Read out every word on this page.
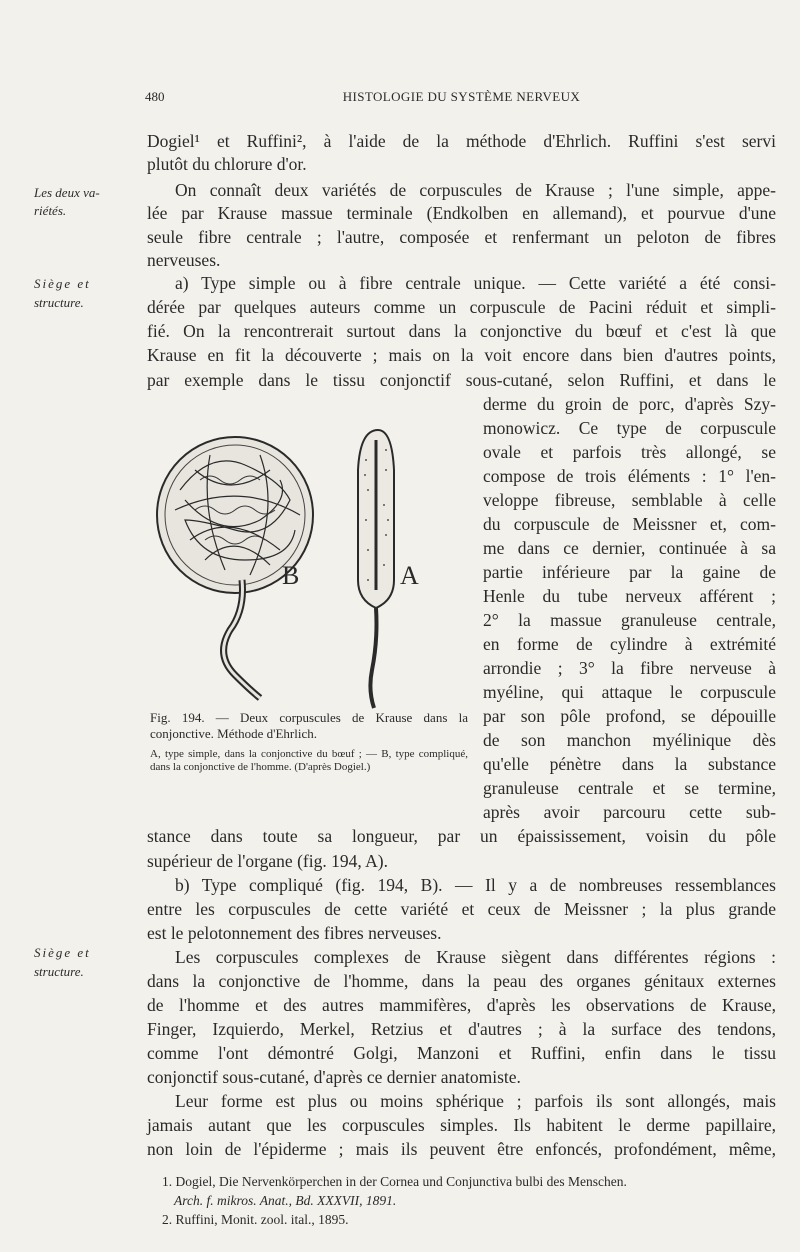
480	HISTOLOGIE DU SYSTÈME NERVEUX
Les deux va-
riétés.
Siège et
structure.
Siège et
structure.
Dogiel¹ et Ruffini², à l'aide de la méthode d'Ehrlich. Ruffini s'est servi
plutôt du chlorure d'or.
On connaît deux variétés de corpuscules de Krause ; l'une simple, appe-
lée par Krause massue terminale (Endkolben en allemand), et pourvue d'une
seule fibre centrale ; l'autre, composée et renfermant un peloton de fibres
nerveuses.
a) Type simple ou à fibre centrale unique. — Cette variété a été consi-
dérée par quelques auteurs comme un corpuscule de Pacini réduit et simpli-
fié. On la rencontrerait surtout dans la conjonctive du bœuf et c'est là que
Krause en fit la découverte ; mais on la voit encore dans bien d'autres points,
par exemple dans le tissu conjonctif sous-cutané, selon Ruffini, et dans le
derme du groin de porc, d'après Szy-
monowicz. Ce type de corpuscule
ovale et parfois très allongé, se
compose de trois éléments : 1° l'en-
veloppe fibreuse, semblable à celle
du corpuscule de Meissner et, com-
me dans ce dernier, continuée à sa
partie inférieure par la gaine de
Henle du tube nerveux afférent ;
2° la massue granuleuse centrale,
en forme de cylindre à extrémité
arrondie ; 3° la fibre nerveuse à
myéline, qui attaque le corpuscule
par son pôle profond, se dépouille
de son manchon myélinique dès
qu'elle pénètre dans la substance
granuleuse centrale et se termine,
après avoir parcouru cette sub-
stance dans toute sa longueur, par un épaississement, voisin du pôle
supérieur de l'organe (fig. 194, A).
b) Type compliqué (fig. 194, B). — Il y a de nombreuses ressemblances
entre les corpuscules de cette variété et ceux de Meissner ; la plus grande
est le pelotonnement des fibres nerveuses.
Les corpuscules complexes de Krause siègent dans différentes régions :
dans la conjonctive de l'homme, dans la peau des organes génitaux externes
de l'homme et des autres mammifères, d'après les observations de Krause,
Finger, Izquierdo, Merkel, Retzius et d'autres ; à la surface des tendons,
comme l'ont démontré Golgi, Manzoni et Ruffini, enfin dans le tissu
conjonctif sous-cutané, d'après ce dernier anatomiste.
Leur forme est plus ou moins sphérique ; parfois ils sont allongés, mais
jamais autant que les corpuscules simples. Ils habitent le derme papillaire,
non loin de l'épiderme ; mais ils peuvent être enfoncés, profondément, même,
B	A
Fig. 194. — Deux corpuscules de Krause dans la conjonctive. Méthode d'Ehrlich.
A, type simple, dans la conjonctive du bœuf ; — B, type compliqué, dans la conjonctive de l'homme. (D'après Dogiel.)
1. Dogiel, Die Nervenkörperchen in der Cornea und Conjunctiva bulbi des Menschen.
Arch. f. mikros. Anat., Bd. XXXVII, 1891.
2. Ruffini, Monit. zool. ital., 1895.
